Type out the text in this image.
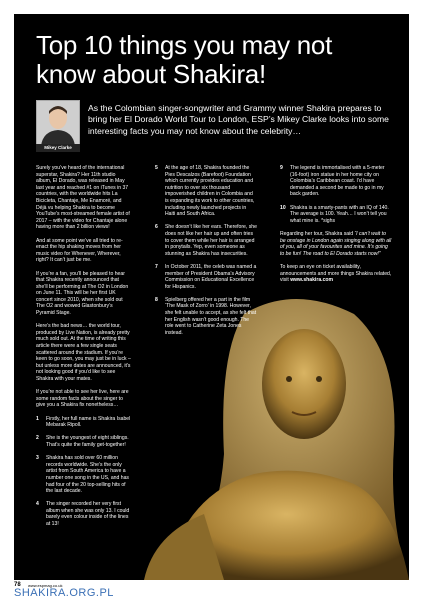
Top 10 things you may not know about Shakira!
Mikey Clarke
As the Colombian singer-songwriter and Grammy winner Shakira prepares to bring her El Dorado World Tour to London, ESP’s Mikey Clarke looks into some interesting facts you may not know about the celebrity…

Surely you’ve heard of the international superstar, Shakira? Her 11th studio album, El Dorado, was released in May last year and reached #1 on iTunes in 37 countries, with the worldwide hits La Bicicleta, Chantaje, Me Enamoré, and Déjà vu helping Shakira to become YouTube’s most-streamed female artist of 2017 – with the video for Chantaje alone having more than 2 billion views!

And at some point we’ve all tried to re-enact the hip shaking moves from her music video for Whenever, Wherever, right? It can’t just be me.

If you’re a fan, you’ll be pleased to hear that Shakira recently announced that she’ll be performing at The O2 in London on June 11. This will be her first UK concert since 2010, when she sold out The O2 and wowed Glastonbury’s Pyramid Stage.

Here’s the bad news… the world tour, produced by Live Nation, is already pretty much sold out. At the time of writing this article there were a few single seats scattered around the stadium. If you’re keen to go soon, you may just be in luck – but unless more dates are announced, it’s not looking good if you’d like to see Shakira with your mates.

If you’re not able to see her live, here are some random facts about the singer to give you a Shakira fix nonetheless…

1	Firstly, her full name is Shakira Isabel Mebarak Ripoll.
2	She is the youngest of eight siblings. That’s quite the family get-together!
3	Shakira has sold over 60 million records worldwide. She’s the only artist from South America to have a number one song in the US, and has had four of the 20 top-selling hits of the last decade.
4	The singer recorded her very first album when she was only 13. I could barely even colour inside of the lines at 13!
5	At the age of 18, Shakira founded the Pies Descalzos (Barefoot) Foundation which currently provides education and nutrition to over six thousand impoverished children in Colombia and is expanding its work to other countries, including newly launched projects in Haiti and South Africa.
6	She doesn’t like her ears. Therefore, she does not like her hair up and often tries to cover them while her hair is arranged in ponytails. Yep, even someone as stunning as Shakira has insecurities.
7	In October 2011, the celeb was named a member of President Obama’s Advisory Commission on Educational Excellence for Hispanics.
8	Spielberg offered her a part in the film ‘The Mask of Zorro’ in 1998. However, she felt unable to accept, as she felt that her English wasn’t good enough. The role went to Catherine Zeta Jones instead.
9	The legend is immortalised with a 5-meter (16-foot) iron statue in her home city on Colombia’s Caribbean coast. I’d have demanded a second be made to go in my back garden.
10 Shakira is a smarty-pants with an IQ of 140. The average is 100. Yeah… I won’t tell you what mine is. *sighs

Regarding her tour, Shakira said “I can’t wait to be onstage in London again singing along with all of you, all of your favourites and mine. It’s going to be fun! The road to El Dorado starts now!”

To keep an eye on ticket availability, announcements and more things Shakira related, visit www.shakira.com

78 www.espmag.co.uk
SHAKIRA.ORG.PL
